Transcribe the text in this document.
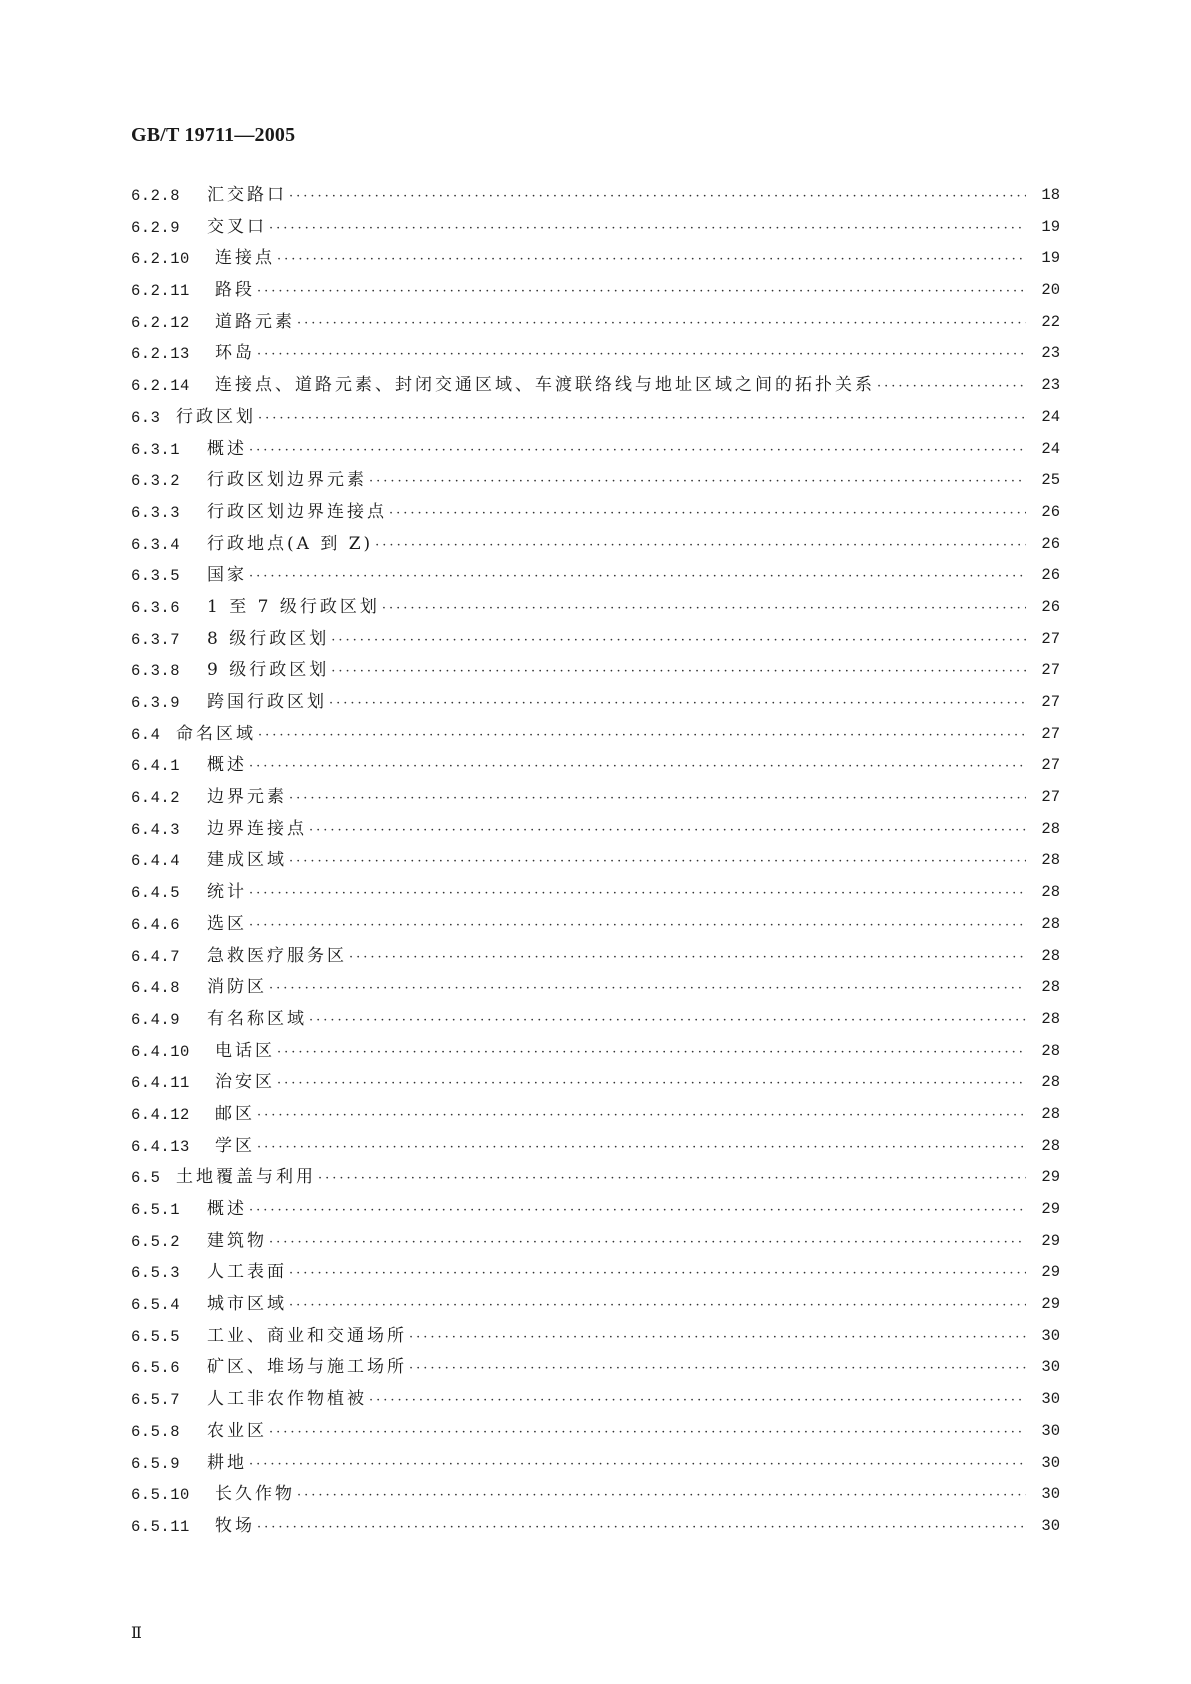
GB/T 19711—2005
6.2.8	汇交路口 ·····	18
6.2.9	交叉口 ·····	19
6.2.10	连接点 ·····	19
6.2.11	路段 ·····	20
6.2.12	道路元素 ·····	22
6.2.13	环岛 ·····	23
6.2.14	连接点、道路元素、封闭交通区域、车渡联络线与地址区域之间的拓扑关系 ·····	23
6.3 行政区划 ·····	24
6.3.1	概述 ·····	24
6.3.2	行政区划边界元素 ·····	25
6.3.3	行政区划边界连接点 ·····	26
6.3.4	行政地点(A 到 Z) ·····	26
6.3.5	国家 ·····	26
6.3.6	1 至 7 级行政区划 ·····	26
6.3.7	8 级行政区划 ·····	27
6.3.8	9 级行政区划 ·····	27
6.3.9	跨国行政区划 ·····	27
6.4 命名区域 ·····	27
6.4.1	概述 ·····	27
6.4.2	边界元素 ·····	27
6.4.3	边界连接点 ·····	28
6.4.4	建成区域 ·····	28
6.4.5	统计 ·····	28
6.4.6	选区 ·····	28
6.4.7	急救医疗服务区 ·····	28
6.4.8	消防区 ·····	28
6.4.9	有名称区域 ·····	28
6.4.10	电话区 ·····	28
6.4.11	治安区 ·····	28
6.4.12	邮区 ·····	28
6.4.13	学区 ·····	28
6.5 土地覆盖与利用 ·····	29
6.5.1	概述 ·····	29
6.5.2	建筑物 ·····	29
6.5.3	人工表面 ·····	29
6.5.4	城市区域 ·····	29
6.5.5	工业、商业和交通场所 ·····	30
6.5.6	矿区、堆场与施工场所 ·····	30
6.5.7	人工非农作物植被 ·····	30
6.5.8	农业区 ·····	30
6.5.9	耕地 ·····	30
6.5.10	长久作物 ·····	30
6.5.11	牧场 ·····	30
Ⅱ
